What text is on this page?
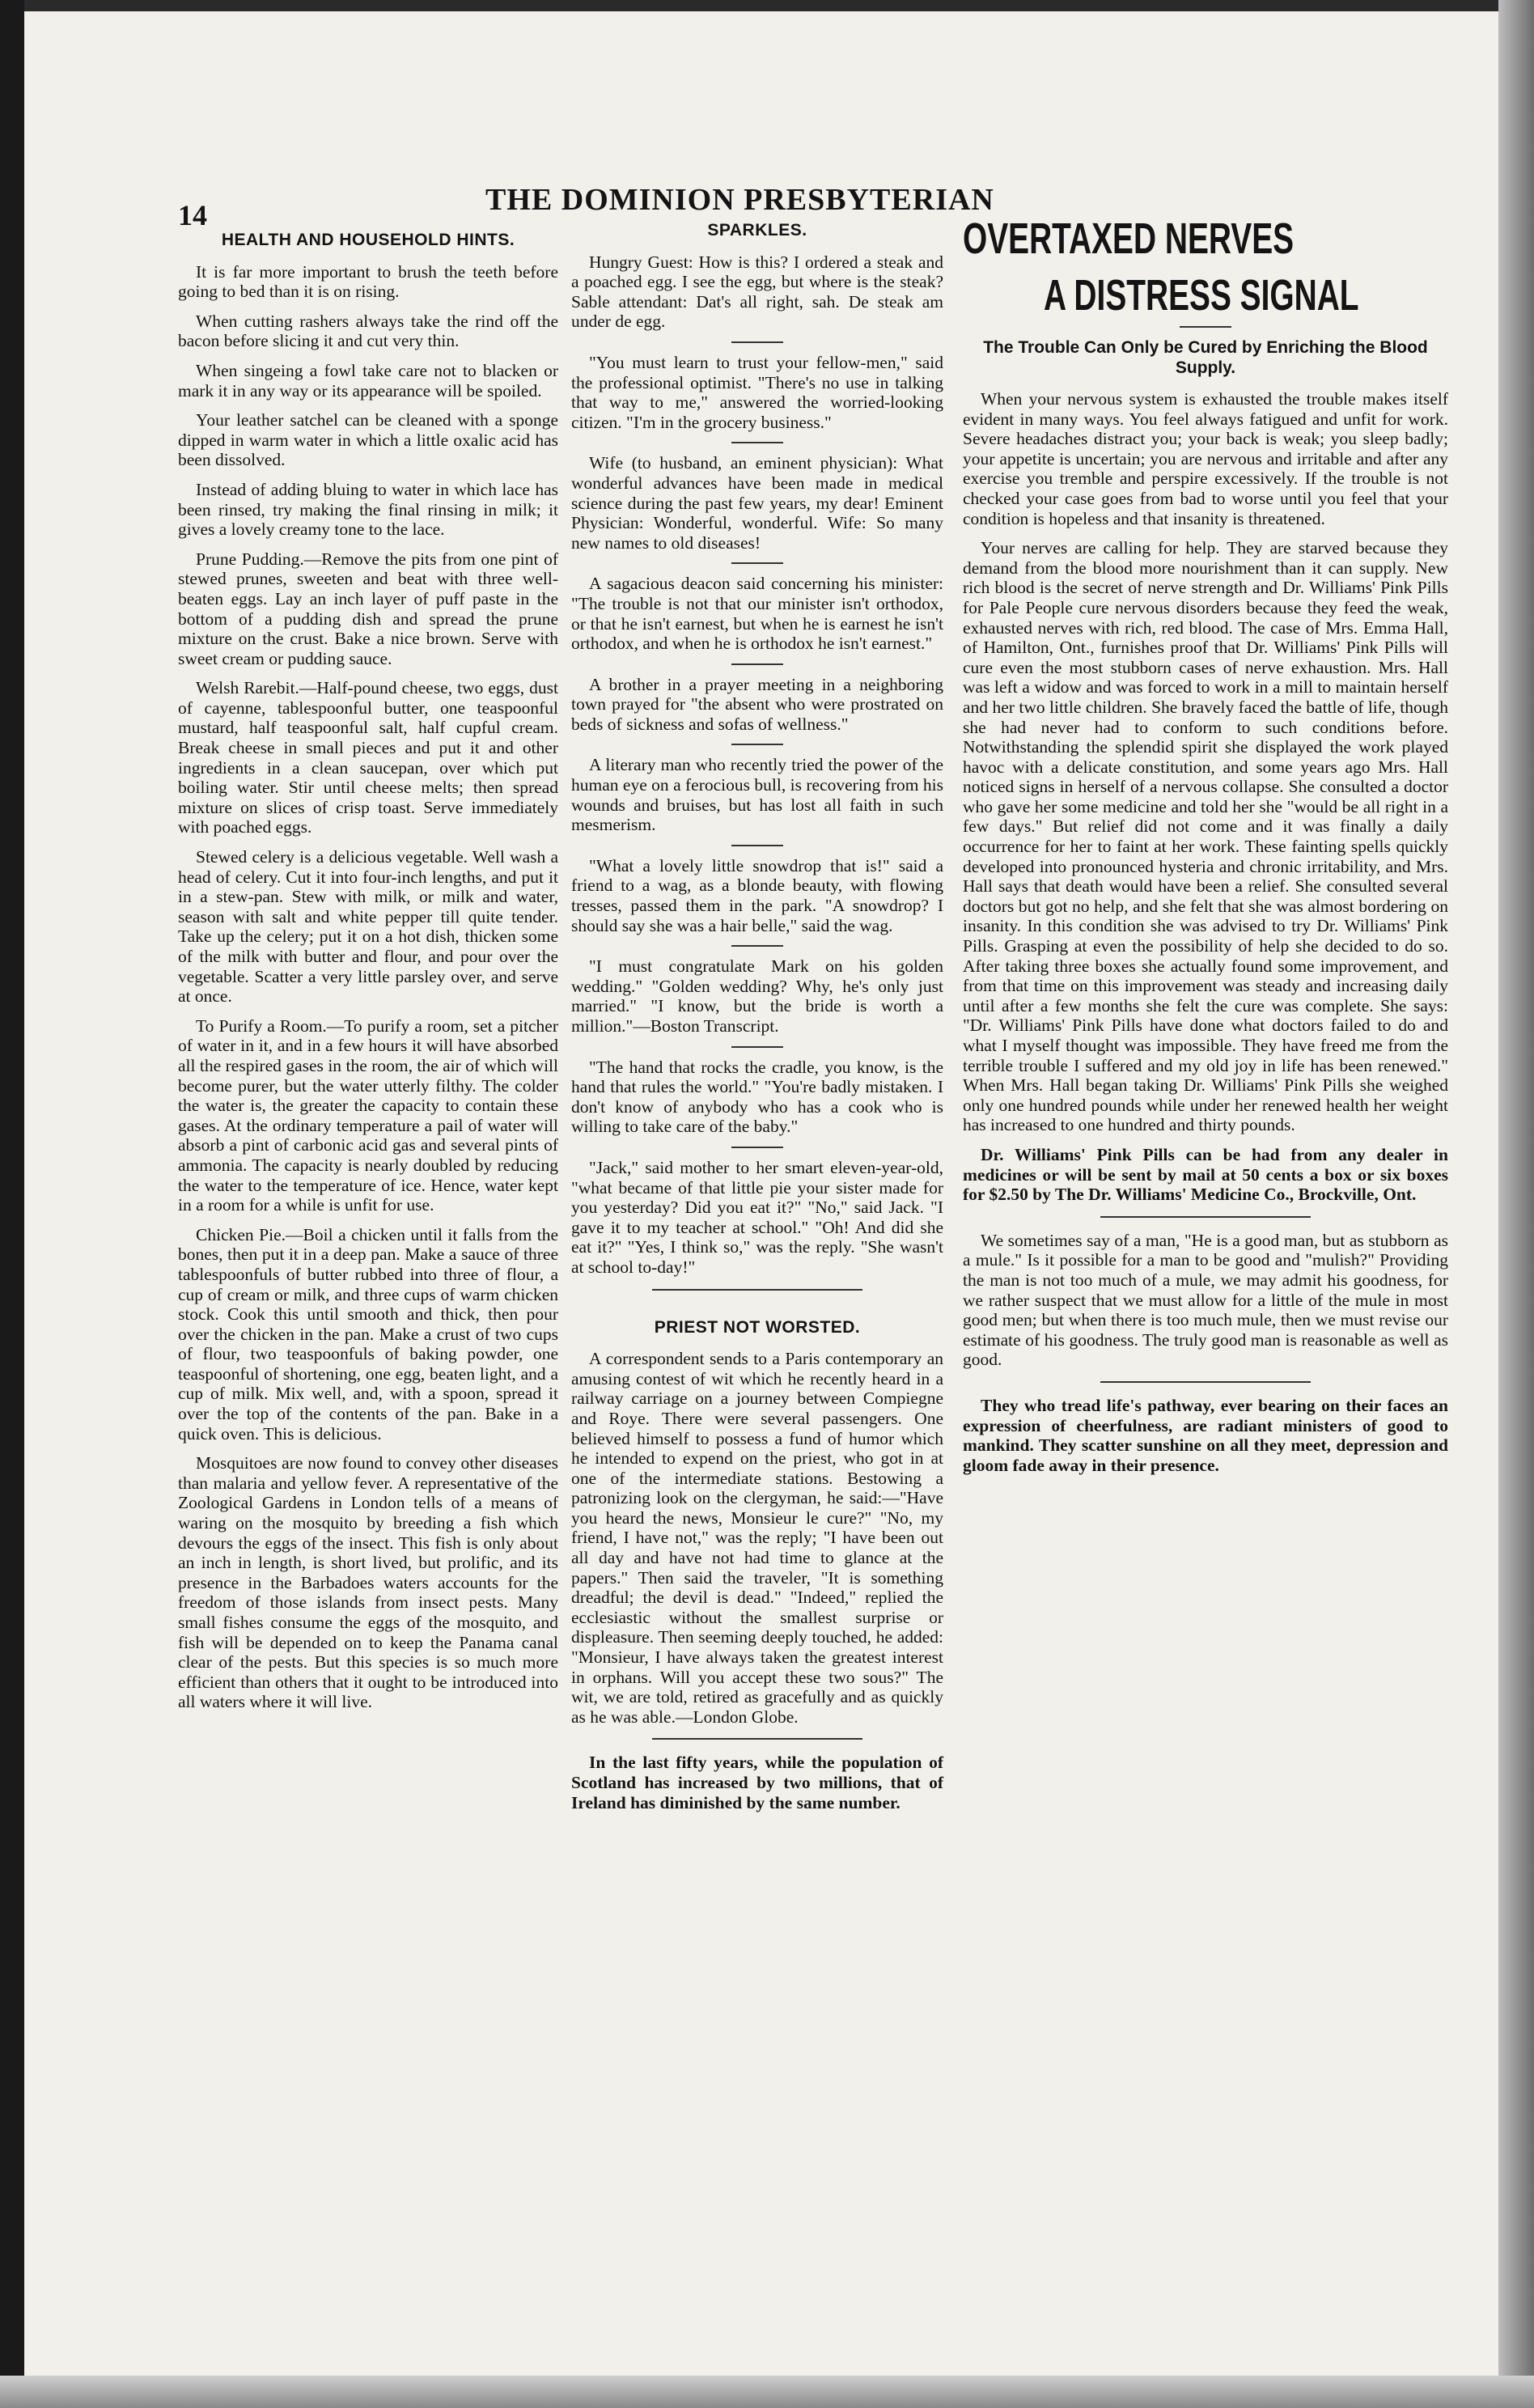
14	THE DOMINION PRESBYTERIAN
HEALTH AND HOUSEHOLD HINTS.

It is far more important to brush the teeth before going to bed than it is on rising.

When cutting rashers always take the rind off the bacon before slicing it and cut very thin.

When singeing a fowl take care not to blacken or mark it in any way or its appearance will be spoiled.

Your leather satchel can be cleaned with a sponge dipped in warm water in which a little oxalic acid has been dissolved.

Instead of adding bluing to water in which lace has been rinsed, try making the final rinsing in milk; it gives a lovely creamy tone to the lace.

Prune Pudding.—Remove the pits from one pint of stewed prunes, sweeten and beat with three well-beaten eggs. Lay an inch layer of puff paste in the bottom of a pudding dish and spread the prune mixture on the crust. Bake a nice brown. Serve with sweet cream or pudding sauce.

Welsh Rarebit.—Half-pound cheese, two eggs, dust of cayenne, tablespoonful butter, one teaspoonful mustard, half teaspoonful salt, half cupful cream. Break cheese in small pieces and put it and other ingredients in a clean saucepan, over which put boiling water. Stir until cheese melts; then spread mixture on slices of crisp toast. Serve immediately with poached eggs.

Stewed celery is a delicious vegetable. Well wash a head of celery. Cut it into four-inch lengths, and put it in a stew-pan. Stew with milk, or milk and water, season with salt and white pepper till quite tender. Take up the celery; put it on a hot dish, thicken some of the milk with butter and flour, and pour over the vegetable. Scatter a very little parsley over, and serve at once.

To Purify a Room.—To purify a room, set a pitcher of water in it, and in a few hours it will have absorbed all the respired gases in the room, the air of which will become purer, but the water utterly filthy. The colder the water is, the greater the capacity to contain these gases. At the ordinary temperature a pail of water will absorb a pint of carbonic acid gas and several pints of ammonia. The capacity is nearly doubled by reducing the water to the temperature of ice. Hence, water kept in a room for a while is unfit for use.

Chicken Pie.—Boil a chicken until it falls from the bones, then put it in a deep pan. Make a sauce of three tablespoonfuls of butter rubbed into three of flour, a cup of cream or milk, and three cups of warm chicken stock. Cook this until smooth and thick, then pour over the chicken in the pan. Make a crust of two cups of flour, two teaspoonfuls of baking powder, one teaspoonful of shortening, one egg, beaten light, and a cup of milk. Mix well, and, with a spoon, spread it over the top of the contents of the pan. Bake in a quick oven. This is delicious.

Mosquitoes are now found to convey other diseases than malaria and yellow fever. A representative of the Zoological Gardens in London tells of a means of waring on the mosquito by breeding a fish which devours the eggs of the insect. This fish is only about an inch in length, is short lived, but prolific, and its presence in the Barbadoes waters accounts for the freedom of those islands from insect pests. Many small fishes consume the eggs of the mosquito, and fish will be depended on to keep the Panama canal clear of the pests. But this species is so much more efficient than others that it ought to be introduced into all waters where it will live.

SPARKLES.

Hungry Guest: How is this? I ordered a steak and a poached egg. I see the egg, but where is the steak? Sable attendant: Dat's all right, sah. De steak am under de egg.

"You must learn to trust your fellow-men," said the professional optimist. "There's no use in talking that way to me," answered the worried-looking citizen. "I'm in the grocery business."

Wife (to husband, an eminent physician): What wonderful advances have been made in medical science during the past few years, my dear! Eminent Physician: Wonderful, wonderful. Wife: So many new names to old diseases!

A sagacious deacon said concerning his minister: "The trouble is not that our minister isn't orthodox, or that he isn't earnest, but when he is earnest he isn't orthodox, and when he is orthodox he isn't earnest."

A brother in a prayer meeting in a neighboring town prayed for "the absent who were prostrated on beds of sickness and sofas of wellness."

A literary man who recently tried the power of the human eye on a ferocious bull, is recovering from his wounds and bruises, but has lost all faith in such mesmerism.

"What a lovely little snowdrop that is!" said a friend to a wag, as a blonde beauty, with flowing tresses, passed them in the park. "A snowdrop? I should say she was a hair belle," said the wag.

"I must congratulate Mark on his golden wedding." "Golden wedding? Why, he's only just married." "I know, but the bride is worth a million."—Boston Transcript.

"The hand that rocks the cradle, you know, is the hand that rules the world." "You're badly mistaken. I don't know of anybody who has a cook who is willing to take care of the baby."

"Jack," said mother to her smart eleven-year-old, "what became of that little pie your sister made for you yesterday? Did you eat it?" "No," said Jack. "I gave it to my teacher at school." "Oh! And did she eat it?" "Yes, I think so," was the reply. "She wasn't at school to-day!"

PRIEST NOT WORSTED.

A correspondent sends to a Paris contemporary an amusing contest of wit which he recently heard in a railway carriage on a journey between Compiegne and Roye. There were several passengers. One believed himself to possess a fund of humor which he intended to expend on the priest, who got in at one of the intermediate stations. Bestowing a patronizing look on the clergyman, he said:—"Have you heard the news, Monsieur le cure?" "No, my friend, I have not," was the reply; "I have been out all day and have not had time to glance at the papers." Then said the traveler, "It is something dreadful; the devil is dead." "Indeed," replied the ecclesiastic without the smallest surprise or displeasure. Then seeming deeply touched, he added: "Monsieur, I have always taken the greatest interest in orphans. Will you accept these two sous?" The wit, we are told, retired as gracefully and as quickly as he was able.—London Globe.

In the last fifty years, while the population of Scotland has increased by two millions, that of Ireland has diminished by the same number.

OVERTAXED NERVES
A DISTRESS SIGNAL
The Trouble Can Only be Cured by Enriching the Blood Supply.

When your nervous system is exhausted the trouble makes itself evident in many ways. You feel always fatigued and unfit for work. Severe headaches distract you; your back is weak; you sleep badly; your appetite is uncertain; you are nervous and irritable and after any exercise you tremble and perspire excessively. If the trouble is not checked your case goes from bad to worse until you feel that your condition is hopeless and that insanity is threatened.

Your nerves are calling for help. They are starved because they demand from the blood more nourishment than it can supply. New rich blood is the secret of nerve strength and Dr. Williams' Pink Pills for Pale People cure nervous disorders because they feed the weak, exhausted nerves with rich, red blood. The case of Mrs. Emma Hall, of Hamilton, Ont., furnishes proof that Dr. Williams' Pink Pills will cure even the most stubborn cases of nerve exhaustion. Mrs. Hall was left a widow and was forced to work in a mill to maintain herself and her two little children. She bravely faced the battle of life, though she had never had to conform to such conditions before. Notwithstanding the splendid spirit she displayed the work played havoc with a delicate constitution, and some years ago Mrs. Hall noticed signs in herself of a nervous collapse. She consulted a doctor who gave her some medicine and told her she "would be all right in a few days." But relief did not come and it was finally a daily occurrence for her to faint at her work. These fainting spells quickly developed into pronounced hysteria and chronic irritability, and Mrs. Hall says that death would have been a relief. She consulted several doctors but got no help, and she felt that she was almost bordering on insanity. In this condition she was advised to try Dr. Williams' Pink Pills. Grasping at even the possibility of help she decided to do so. After taking three boxes she actually found some improvement, and from that time on this improvement was steady and increasing daily until after a few months she felt the cure was complete. She says: "Dr. Williams' Pink Pills have done what doctors failed to do and what I myself thought was impossible. They have freed me from the terrible trouble I suffered and my old joy in life has been renewed." When Mrs. Hall began taking Dr. Williams' Pink Pills she weighed only one hundred pounds while under her renewed health her weight has increased to one hundred and thirty pounds.

Dr. Williams' Pink Pills can be had from any dealer in medicines or will be sent by mail at 50 cents a box or six boxes for $2.50 by The Dr. Williams' Medicine Co., Brockville, Ont.

We sometimes say of a man, "He is a good man, but as stubborn as a mule." Is it possible for a man to be good and "mulish?" Providing the man is not too much of a mule, we may admit his goodness, for we rather suspect that we must allow for a little of the mule in most good men; but when there is too much mule, then we must revise our estimate of his goodness. The truly good man is reasonable as well as good.

They who tread life's pathway, ever bearing on their faces an expression of cheerfulness, are radiant ministers of good to mankind. They scatter sunshine on all they meet, depression and gloom fade away in their presence.
